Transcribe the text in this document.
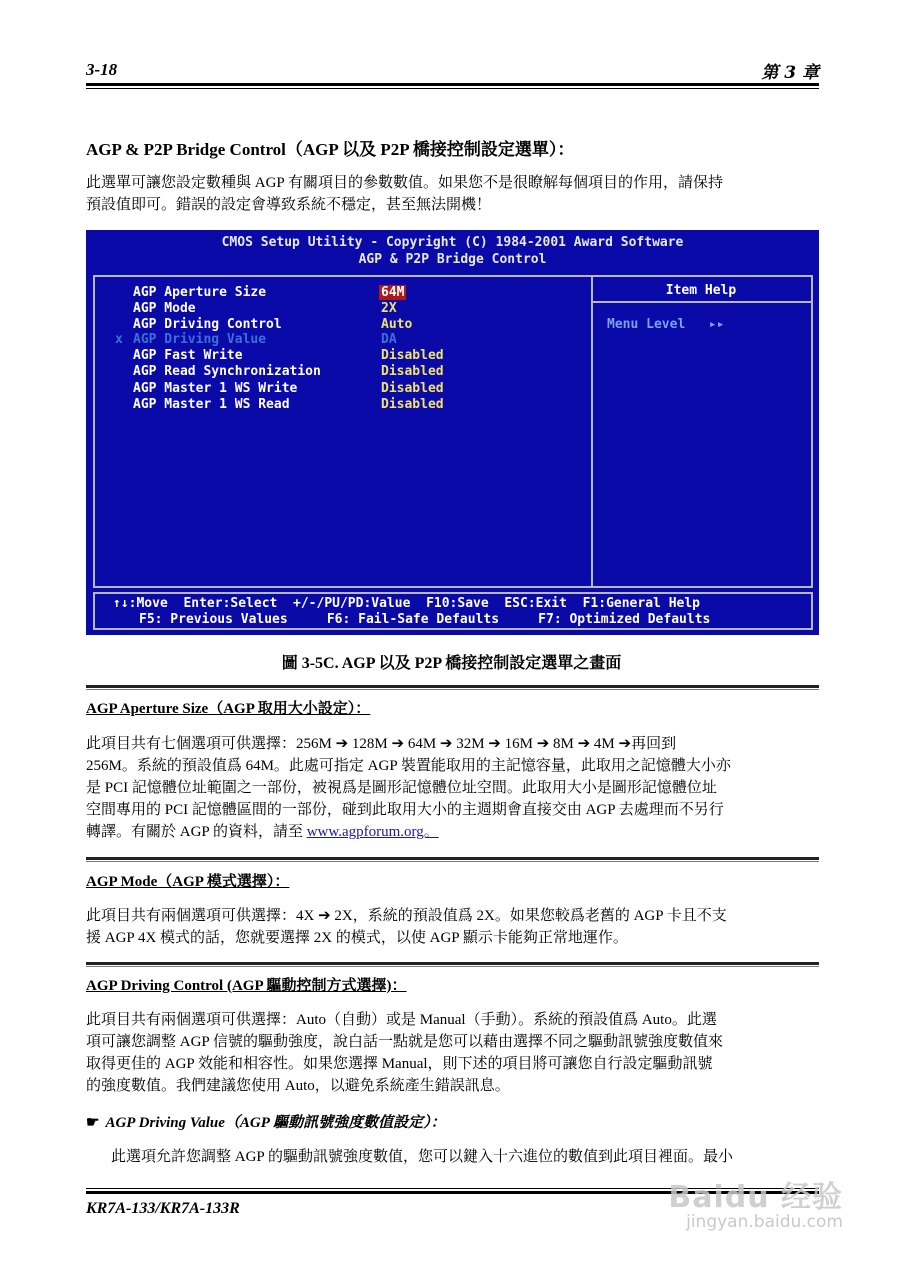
3-18	第 3 章
AGP & P2P Bridge Control（AGP 以及 P2P 橋接控制設定選單）：
此選單可讓您設定數種與 AGP 有關項目的參數數值。如果您不是很瞭解每個項目的作用，請保持
預設值即可。錯誤的設定會導致系統不穩定，甚至無法開機！
CMOS Setup Utility - Copyright (C) 1984-2001 Award Software
AGP & P2P Bridge Control
Item Help
Menu Level   ▸▸
AGP Aperture Size	64M
AGP Mode	2X
AGP Driving Control	Auto
x AGP Driving Value	DA
AGP Fast Write	Disabled
AGP Read Synchronization	Disabled
AGP Master 1 WS Write	Disabled
AGP Master 1 WS Read	Disabled
↑↓:Move  Enter:Select  +/-/PU/PD:Value  F10:Save  ESC:Exit  F1:General Help
F5: Previous Values     F6: Fail-Safe Defaults     F7: Optimized Defaults
圖 3-5C. AGP 以及 P2P 橋接控制設定選單之畫面
AGP Aperture Size（AGP 取用大小設定）：
此項目共有七個選項可供選擇：256M ➔ 128M ➔ 64M ➔ 32M ➔ 16M ➔ 8M ➔ 4M ➔再回到
256M。系統的預設值爲 64M。此處可指定 AGP 裝置能取用的主記憶容量，此取用之記憶體大小亦
是 PCI 記憶體位址範圍之一部份，被視爲是圖形記憶體位址空間。此取用大小是圖形記憶體位址
空間專用的 PCI 記憶體區間的一部份，碰到此取用大小的主週期會直接交由 AGP 去處理而不另行
轉譯。有關於 AGP 的資料，請至 www.agpforum.org。
AGP Mode（AGP 模式選擇）：
此項目共有兩個選項可供選擇：4X ➔ 2X，系統的預設值爲 2X。如果您較爲老舊的 AGP 卡且不支
援 AGP 4X 模式的話，您就要選擇 2X 的模式，以使 AGP 顯示卡能夠正常地運作。
AGP Driving Control (AGP 驅動控制方式選擇)：
此項目共有兩個選項可供選擇：Auto（自動）或是 Manual（手動）。系統的預設值爲 Auto。此選
項可讓您調整 AGP 信號的驅動強度，說白話一點就是您可以藉由選擇不同之驅動訊號強度數值來
取得更佳的 AGP 效能和相容性。如果您選擇 Manual，則下述的項目將可讓您自行設定驅動訊號
的強度數值。我們建議您使用 Auto，以避免系統產生錯誤訊息。
☛ AGP Driving Value（AGP 驅動訊號強度數值設定）：
此選項允許您調整 AGP 的驅動訊號強度數值，您可以鍵入十六進位的數值到此項目裡面。最小
KR7A-133/KR7A-133R	Baidu 经验
jingyan.baidu.com
